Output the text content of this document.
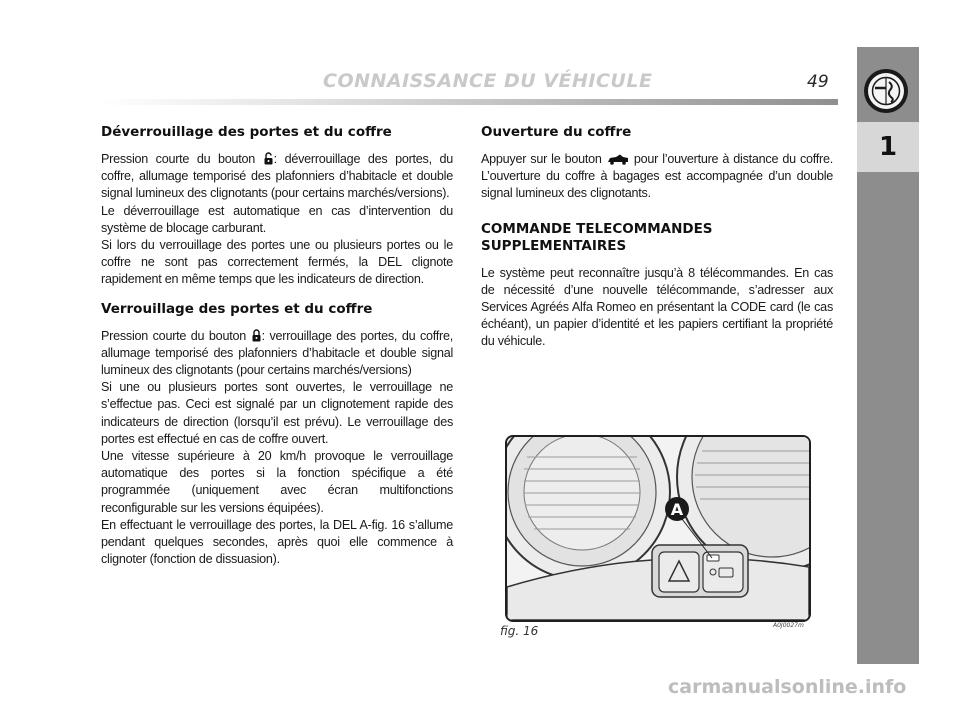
CONNAISSANCE DU VÉHICULE	49	·
1
Déverrouillage des portes et du coffre

Pression courte du bouton : déverrouillage des portes, du coffre, allumage temporisé des plafonniers d’habitacle et double signal lumineux des clignotants (pour certains marchés/versions).

Le déverrouillage est automatique en cas d’intervention du système de blocage carburant.

Si lors du verrouillage des portes une ou plusieurs portes ou le coffre ne sont pas correctement fermés, la DEL clignote rapidement en même temps que les indicateurs de direction.

Verrouillage des portes et du coffre

Pression courte du bouton : verrouillage des portes, du coffre, allumage temporisé des plafonniers d’habitacle et double signal lumineux des clignotants (pour certains marchés/versions)

Si une ou plusieurs portes sont ouvertes, le verrouillage ne s’effectue pas. Ceci est signalé par un clignotement rapide des indicateurs de direction (lorsqu’il est prévu). Le verrouillage des portes est effectué en cas de coffre ouvert.

Une vitesse supérieure à 20 km/h provoque le verrouillage automatique des portes si la fonction spécifique a été programmée (uniquement avec écran multifonctions reconfigurable sur les versions équipées).

En effectuant le verrouillage des portes, la DEL A-fig. 16 s’allume pendant quelques secondes, après quoi elle commence à clignoter (fonction de dissuasion).

Ouverture du coffre

Appuyer sur le bouton  pour l’ouverture à distance du coffre. L’ouverture du coffre à bagages est accompagnée d’un double signal lumineux des clignotants.

COMMANDE TELECOMMANDES SUPPLEMENTAIRES

Le système peut reconnaître jusqu’à 8 télécommandes. En cas de nécessité d’une nouvelle télécommande, s’adresser aux Services Agréés Alfa Romeo en présentant la CODE card (le cas échéant), un papier d’identité et les papiers certifiant la propriété du véhicule.

A
fig. 16	A0J0027m
carmanualsonline.info
